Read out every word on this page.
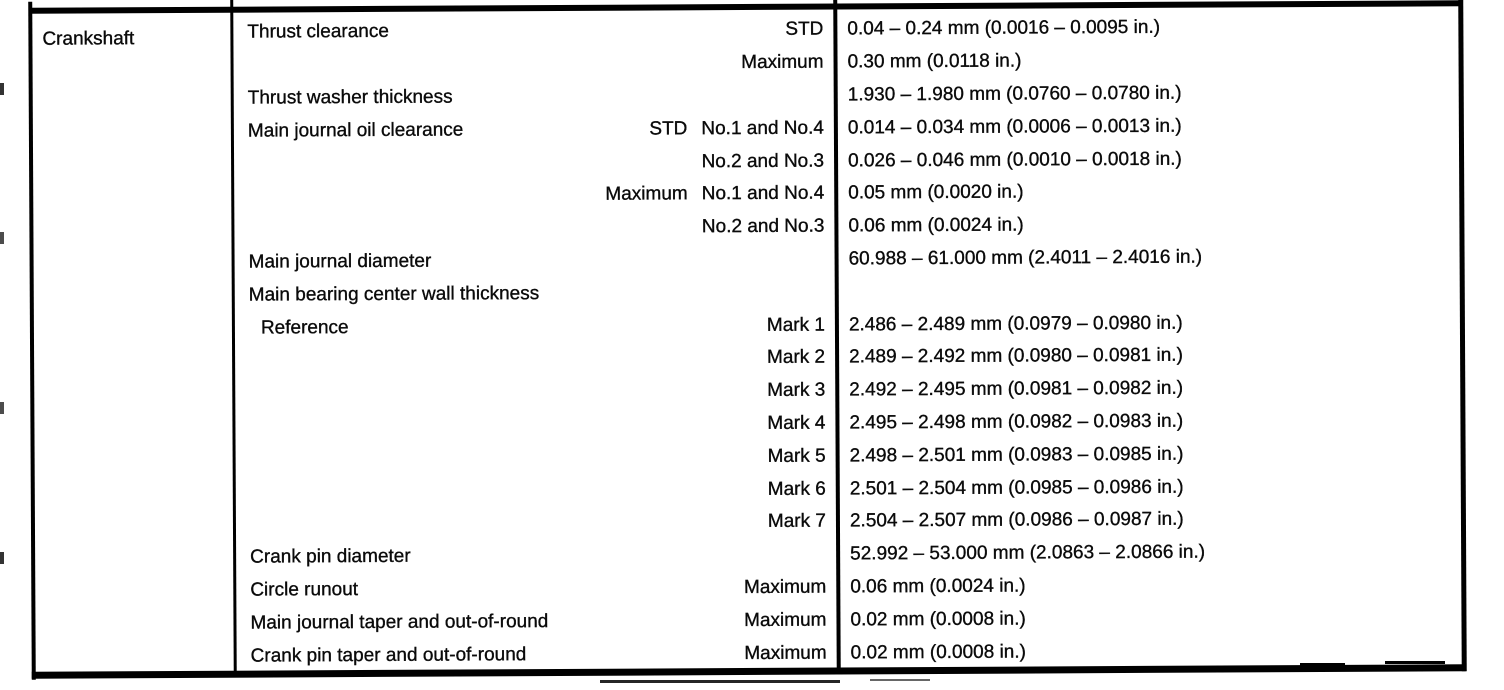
Crankshaft	Thrust clearance	STD	0.04 – 0.24 mm (0.0016 – 0.0095 in.)
Maximum	0.30 mm (0.0118 in.)
Thrust washer thickness	1.930 – 1.980 mm (0.0760 – 0.0780 in.)
Main journal oil clearance	STD No.1 and No.4	0.014 – 0.034 mm (0.0006 – 0.0013 in.)
No.2 and No.3	0.026 – 0.046 mm (0.0010 – 0.0018 in.)
Maximum No.1 and No.4	0.05 mm (0.0020 in.)
No.2 and No.3	0.06 mm (0.0024 in.)
Main journal diameter	60.988 – 61.000 mm (2.4011 – 2.4016 in.)
Main bearing center wall thickness
Reference	Mark 1	2.486 – 2.489 mm (0.0979 – 0.0980 in.)
Mark 2	2.489 – 2.492 mm (0.0980 – 0.0981 in.)
Mark 3	2.492 – 2.495 mm (0.0981 – 0.0982 in.)
Mark 4	2.495 – 2.498 mm (0.0982 – 0.0983 in.)
Mark 5	2.498 – 2.501 mm (0.0983 – 0.0985 in.)
Mark 6	2.501 – 2.504 mm (0.0985 – 0.0986 in.)
Mark 7	2.504 – 2.507 mm (0.0986 – 0.0987 in.)
Crank pin diameter	52.992 – 53.000 mm (2.0863 – 2.0866 in.)
Circle runout	Maximum	0.06 mm (0.0024 in.)
Main journal taper and out-of-round	Maximum	0.02 mm (0.0008 in.)
Crank pin taper and out-of-round	Maximum	0.02 mm (0.0008 in.)
